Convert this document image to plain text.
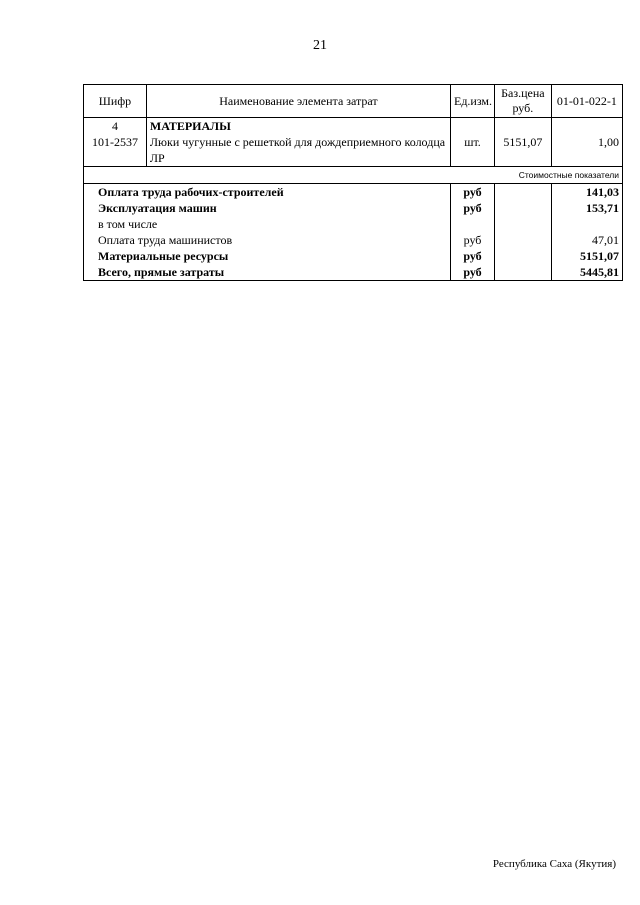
21
Шифр	Наименование элемента затрат	Ед.изм.	Баз.цена руб.	01-01-022-1
4	МАТЕРИАЛЫ			
101-2537	Люки чугунные с решеткой для дождеприемного колодца ЛР	шт.	5151,07	1,00
Стоимостные показатели				
Оплата труда рабочих-строителей		руб		141,03
Эксплуатация машин		руб		153,71
в том числе				
Оплата труда машинистов		руб		47,01
Материальные ресурсы		руб		5151,07
Всего, прямые затраты		руб		5445,81
Республика Саха (Якутия)
